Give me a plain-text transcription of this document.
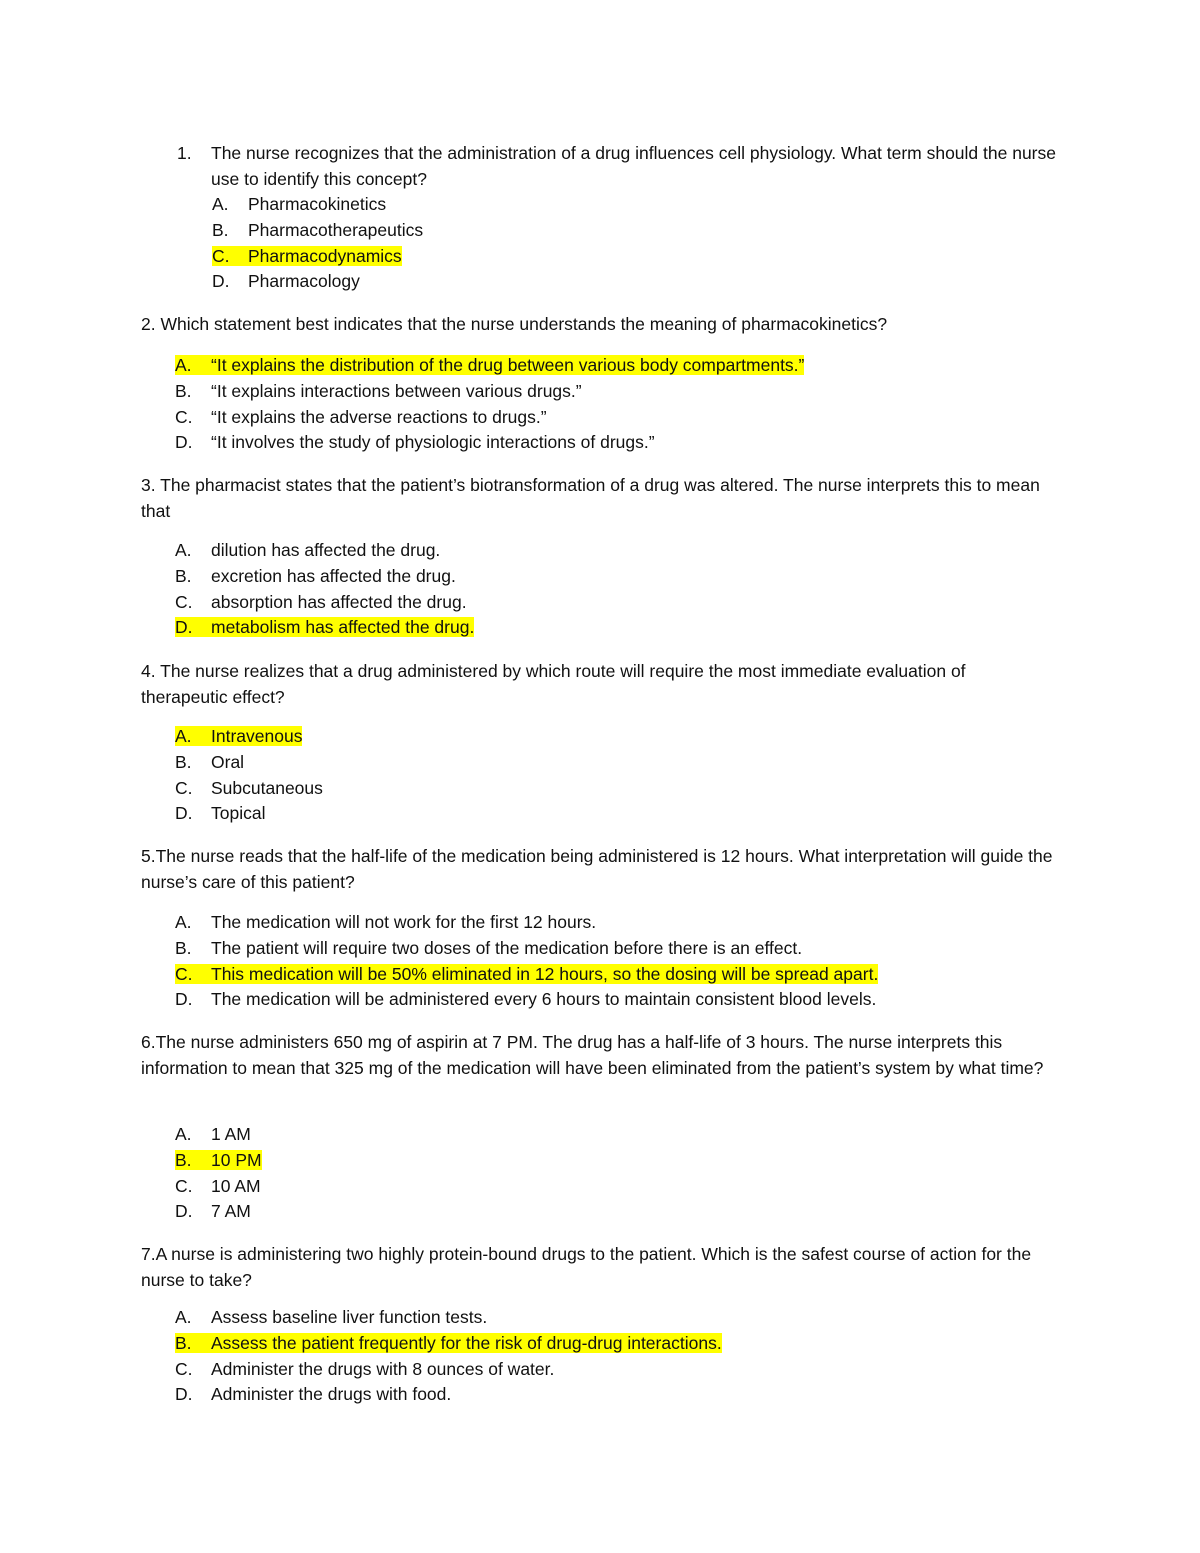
1. The nurse recognizes that the administration of a drug influences cell physiology. What term should the nurse use to identify this concept?
A. Pharmacokinetics
B. Pharmacotherapeutics
C. Pharmacodynamics
D. Pharmacology

2. Which statement best indicates that the nurse understands the meaning of pharmacokinetics?

A. “It explains the distribution of the drug between various body compartments.”
B. “It explains interactions between various drugs.”
C. “It explains the adverse reactions to drugs.”
D. “It involves the study of physiologic interactions of drugs.”

3. The pharmacist states that the patient’s biotransformation of a drug was altered. The nurse interprets this to mean that

A. dilution has affected the drug.
B. excretion has affected the drug.
C. absorption has affected the drug.
D. metabolism has affected the drug.

4. The nurse realizes that a drug administered by which route will require the most immediate evaluation of therapeutic effect?

A. Intravenous
B. Oral
C. Subcutaneous
D. Topical

5.The nurse reads that the half-life of the medication being administered is 12 hours. What interpretation will guide the nurse’s care of this patient?

A. The medication will not work for the first 12 hours.
B. The patient will require two doses of the medication before there is an effect.
C. This medication will be 50% eliminated in 12 hours, so the dosing will be spread apart.
D. The medication will be administered every 6 hours to maintain consistent blood levels.

6.The nurse administers 650 mg of aspirin at 7 PM. The drug has a half-life of 3 hours. The nurse interprets this information to mean that 325 mg of the medication will have been eliminated from the patient’s system by what time?

A. 1 AM
B. 10 PM
C. 10 AM
D. 7 AM

7.A nurse is administering two highly protein-bound drugs to the patient. Which is the safest course of action for the nurse to take?

A. Assess baseline liver function tests.
B. Assess the patient frequently for the risk of drug-drug interactions.
C. Administer the drugs with 8 ounces of water.
D. Administer the drugs with food.
